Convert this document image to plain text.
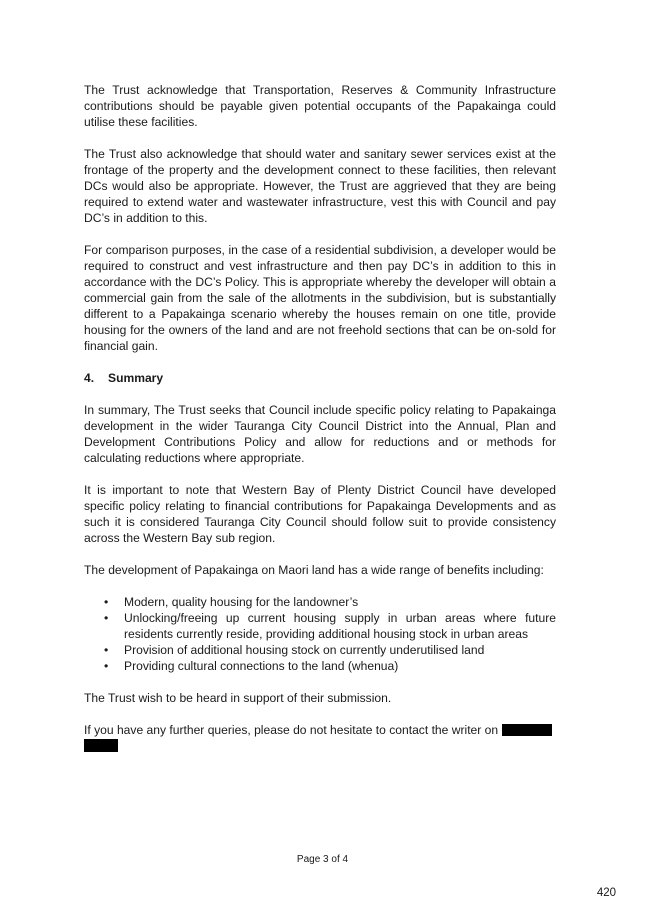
The Trust acknowledge that Transportation, Reserves & Community Infrastructure contributions should be payable given potential occupants of the Papakainga could utilise these facilities.

The Trust also acknowledge that should water and sanitary sewer services exist at the frontage of the property and the development connect to these facilities, then relevant DCs would also be appropriate. However, the Trust are aggrieved that they are being required to extend water and wastewater infrastructure, vest this with Council and pay DC’s in addition to this.

For comparison purposes, in the case of a residential subdivision, a developer would be required to construct and vest infrastructure and then pay DC’s in addition to this in accordance with the DC’s Policy. This is appropriate whereby the developer will obtain a commercial gain from the sale of the allotments in the subdivision, but is substantially different to a Papakainga scenario whereby the houses remain on one title, provide housing for the owners of the land and are not freehold sections that can be on-sold for financial gain.

4. Summary

In summary, The Trust seeks that Council include specific policy relating to Papakainga development in the wider Tauranga City Council District into the Annual, Plan and Development Contributions Policy and allow for reductions and or methods for calculating reductions where appropriate.

It is important to note that Western Bay of Plenty District Council have developed specific policy relating to financial contributions for Papakainga Developments and as such it is considered Tauranga City Council should follow suit to provide consistency across the Western Bay sub region.

The development of Papakainga on Maori land has a wide range of benefits including:

• Modern, quality housing for the landowner’s
• Unlocking/freeing up current housing supply in urban areas where future residents currently reside, providing additional housing stock in urban areas
• Provision of additional housing stock on currently underutilised land
• Providing cultural connections to the land (whenua)

The Trust wish to be heard in support of their submission.

If you have any further queries, please do not hesitate to contact the writer on

Page 3 of 4
420
